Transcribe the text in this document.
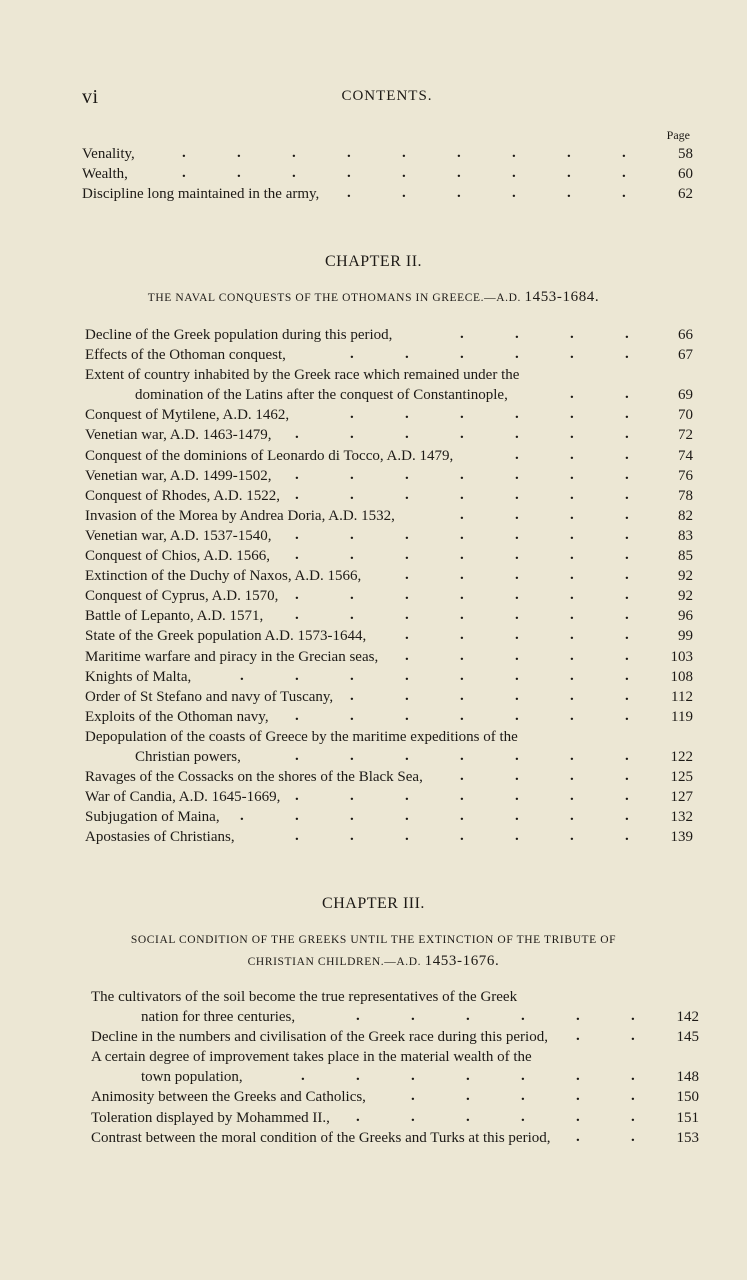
vi	CONTENTS.
Page
Venality,	58
.	.	.	.	.	.	.	.	.
Wealth,	60
.	.	.	.	.	.	.	.	.
Discipline long maintained in the army,	62
.	.	.	.	.	.
CHAPTER II.
THE NAVAL CONQUESTS OF THE OTHOMANS IN GREECE.—A.D. 1453-1684.
Decline of the Greek population during this period,	66
.	.	.	.
Effects of the Othoman conquest,	67
.	.	.	.	.	.
Extent of country inhabited by the Greek race which remained under the
domination of the Latins after the conquest of Constantinople,	69
.	.
Conquest of Mytilene, A.D. 1462,	70
.	.	.	.	.	.
Venetian war, A.D. 1463-1479,	72
.	.	.	.	.	.	.
Conquest of the dominions of Leonardo di Tocco, A.D. 1479,	74
.	.	.
Venetian war, A.D. 1499-1502,	76
.	.	.	.	.	.	.
Conquest of Rhodes, A.D. 1522,	78
.	.	.	.	.	.	.
Invasion of the Morea by Andrea Doria, A.D. 1532,	82
.	.	.	.
Venetian war, A.D. 1537-1540,	83
.	.	.	.	.	.	.
Conquest of Chios, A.D. 1566,	85
.	.	.	.	.	.	.
Extinction of the Duchy of Naxos, A.D. 1566,	92
.	.	.	.	.
Conquest of Cyprus, A.D. 1570,	92
.	.	.	.	.	.	.
Battle of Lepanto, A.D. 1571,	96
.	.	.	.	.	.	.
State of the Greek population A.D. 1573-1644,	99
.	.	.	.	.
Maritime warfare and piracy in the Grecian seas,	103
.	.	.	.	.
Knights of Malta,	108
.	.	.	.	.	.	.	.
Order of St Stefano and navy of Tuscany,	112
.	.	.	.	.	.
Exploits of the Othoman navy,	119
.	.	.	.	.	.	.
Depopulation of the coasts of Greece by the maritime expeditions of the
Christian powers,	122
.	.	.	.	.	.	.
Ravages of the Cossacks on the shores of the Black Sea,	125
.	.	.	.
War of Candia, A.D. 1645-1669,	127
.	.	.	.	.	.	.
Subjugation of Maina,	132
.	.	.	.	.	.	.	.
Apostasies of Christians,	139
.	.	.	.	.	.	.
CHAPTER III.
SOCIAL CONDITION OF THE GREEKS UNTIL THE EXTINCTION OF THE TRIBUTE OF
CHRISTIAN CHILDREN.—A.D. 1453-1676.
The cultivators of the soil become the true representatives of the Greek
nation for three centuries,	142
.	.	.	.	.	.
Decline in the numbers and civilisation of the Greek race during this period,	145
.	.
A certain degree of improvement takes place in the material wealth of the
town population,	148
.	.	.	.	.	.	.
Animosity between the Greeks and Catholics,	150
.	.	.	.	.
Toleration displayed by Mohammed II.,	151
.	.	.	.	.	.
Contrast between the moral condition of the Greeks and Turks at this period,	153
.	.
